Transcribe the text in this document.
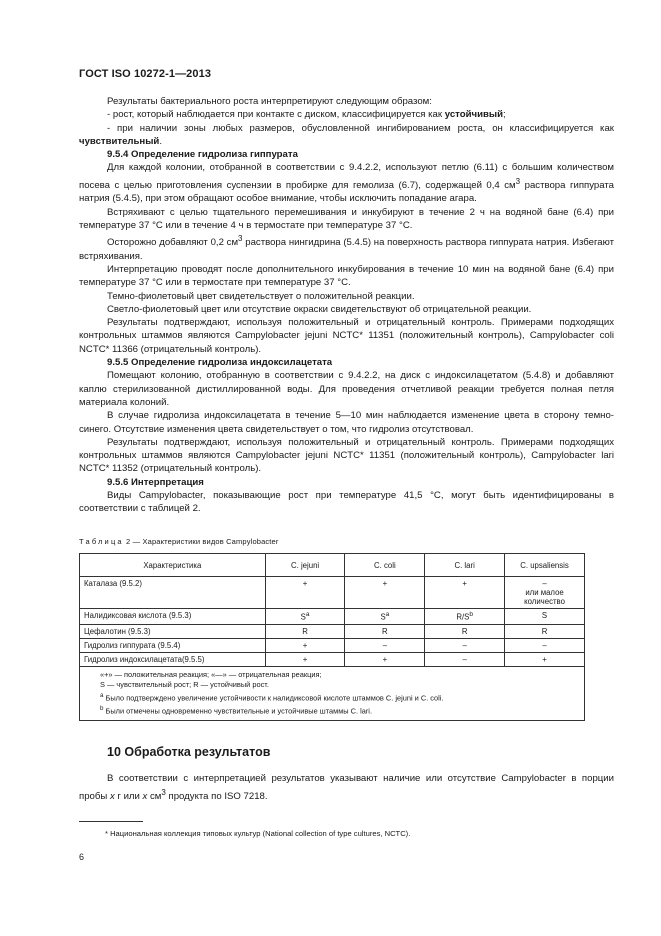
ГОСТ ISO 10272-1—2013

Результаты бактериального роста интерпретируют следующим образом:

- рост, который наблюдается при контакте с диском, классифицируется как устойчивый;

- при наличии зоны любых размеров, обусловленной ингибированием роста, он классифицируется как чувствительный.

9.5.4 Определение гидролиза гиппурата

Для каждой колонии, отобранной в соответствии с 9.4.2.2, используют петлю (6.11) с большим количеством посева с целью приготовления суспензии в пробирке для гемолиза (6.7), содержащей 0,4 $см^3$ раствора гиппурата натрия (5.4.5), при этом обращают особое внимание, чтобы исключить попадание агара.

Встряхивают с целью тщательного перемешивания и инкубируют в течение 2 ч на водяной бане (6.4) при температуре 37 °С или в течение 4 ч в термостате при температуре 37 °С.

Осторожно добавляют 0,2 $см^3$ раствора нингидрина (5.4.5) на поверхность раствора гиппурата натрия. Избегают встряхивания.

Интерпретацию проводят после дополнительного инкубирования в течение 10 мин на водяной бане (6.4) при температуре 37 °С или в термостате при температуре 37 °С.

Темно-фиолетовый цвет свидетельствует о положительной реакции.

Светло-фиолетовый цвет или отсутствие окраски свидетельствуют об отрицательной реакции.

Результаты подтверждают, используя положительный и отрицательный контроль. Примерами подходящих контрольных штаммов являются Campylobacter jejuni NCTC* 11351 (положительный контроль), Campylobacter coli NCTC* 11366 (отрицательный контроль).

9.5.5 Определение гидролиза индоксилацетата

Помещают колонию, отобранную в соответствии с 9.4.2.2, на диск с индоксилацетатом (5.4.8) и добавляют каплю стерилизованной дистиллированной воды. Для проведения отчетливой реакции требуется полная петля материала колоний.

В случае гидролиза индоксилацетата в течение 5—10 мин наблюдается изменение цвета в сторону темно-синего. Отсутствие изменения цвета свидетельствует о том, что гидролиз отсутствовал.

Результаты подтверждают, используя положительный и отрицательный контроль. Примерами подходящих контрольных штаммов являются Campylobacter jejuni NCTC* 11351 (положительный контроль), Campylobacter lari NCTC* 11352 (отрицательный контроль).

9.5.6 Интерпретация

Виды Campylobacter, показывающие рост при температуре 41,5 °С, могут быть идентифицированы в соответствии с таблицей 2.

Таблица 2 — Характеристики видов Campylobacter
Характеристика	C. jejuni	C. coli	C. lari	C. upsaliensis
Каталаза (9.5.2)	+	+	+	–
или малое
количество

Налидиксовая кислота (9.5.3)	$S^a$	$S^a$	$R/S^b$	S
Цефалотин (9.5.3)	R	R	R	R
Гидролиз гиппурата (9.5.4)	+	–	–	–
Гидролиз индоксилацетата(9.5.5)	+	+	–	+

«+» — положительная реакция; «—» — отрицательная реакция;
S — чувствительный рост; R — устойчивый рост.
$^a$ Было подтверждено увеличение устойчивости к налидиксовой кислоте штаммов C. jejuni и C. coli.
$^b$ Были отмечены одновременно чувствительные и устойчивые штаммы C. lari.				
10 Обработка результатов

В соответствии с интерпретацией результатов указывают наличие или отсутствие Campylobacter в порции пробы x г или x $см^3$ продукта по ISO 7218.

* Национальная коллекция типовых культур (National collection of type cultures, NCTC).
6
